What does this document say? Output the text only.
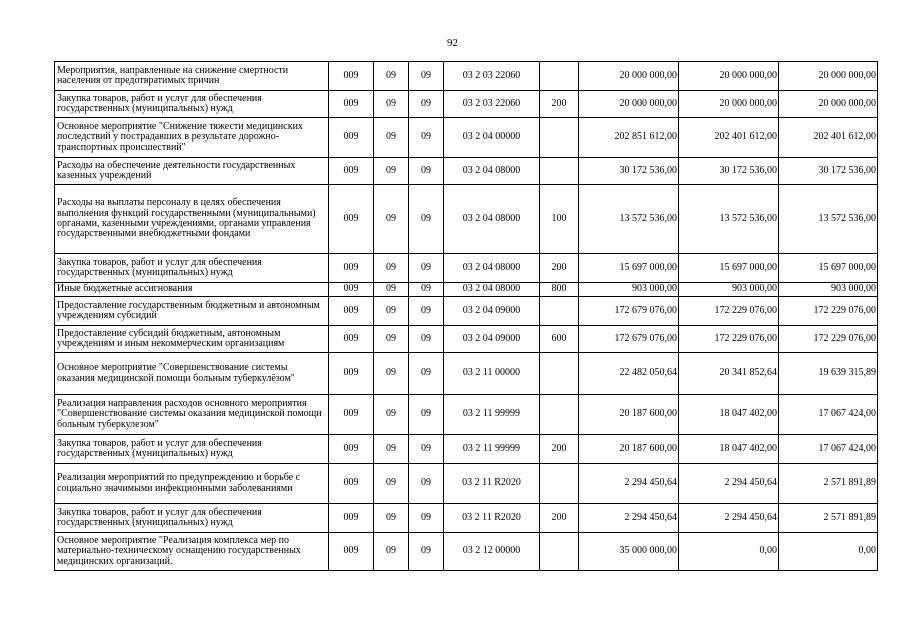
92
Мероприятия, направленные на снижение смертности населения от предотвратимых причин	009	09	09	03 2 03 22060		20 000 000,00	20 000 000,00	20 000 000,00
Закупка товаров, работ и услуг для обеспечения государственных (муниципальных) нужд	009	09	09	03 2 03 22060	200	20 000 000,00	20 000 000,00	20 000 000,00
Основное мероприятие "Снижение тяжести медицинских последствий у пострадавших в результате дорожно-транспортных происшествий"	009	09	09	03 2 04 00000		202 851 612,00	202 401 612,00	202 401 612,00
Расходы на обеспечение деятельности государственных казенных учреждений	009	09	09	03 2 04 08000		30 172 536,00	30 172 536,00	30 172 536,00
Расходы на выплаты персоналу в целях обеспечения выполнения функций государственными (муниципальными) органами, казенными учреждениями, органами управления государственными внебюджетными фондами	009	09	09	03 2 04 08000	100	13 572 536,00	13 572 536,00	13 572 536,00
Закупка товаров, работ и услуг для обеспечения государственных (муниципальных) нужд	009	09	09	03 2 04 08000	200	15 697 000,00	15 697 000,00	15 697 000,00
Иные бюджетные ассигнования	009	09	09	03 2 04 08000	800	903 000,00	903 000,00	903 000,00
Предоставление государственным бюджетным и автономным учреждениям субсидий	009	09	09	03 2 04 09000		172 679 076,00	172 229 076,00	172 229 076,00
Предоставление субсидий бюджетным, автономным учреждениям и иным некоммерческим организациям	009	09	09	03 2 04 09000	600	172 679 076,00	172 229 076,00	172 229 076,00
Основное мероприятие "Совершенствование системы оказания медицинской помощи больным туберкулёзом"	009	09	09	03 2 11 00000		22 482 050,64	20 341 852,64	19 639 315,89
Реализация направления расходов основного мероприятия "Совершенствование системы оказания медицинской помощи больным туберкулезом"	009	09	09	03 2 11 99999		20 187 600,00	18 047 402,00	17 067 424,00
Закупка товаров, работ и услуг для обеспечения государственных (муниципальных) нужд	009	09	09	03 2 11 99999	200	20 187 600,00	18 047 402,00	17 067 424,00
Реализация мероприятий по предупреждению и борьбе с социально значимыми инфекционными заболеваниями	009	09	09	03 2 11 R2020		2 294 450,64	2 294 450,64	2 571 891,89
Закупка товаров, работ и услуг для обеспечения государственных (муниципальных) нужд	009	09	09	03 2 11 R2020	200	2 294 450,64	2 294 450,64	2 571 891,89
Основное мероприятие "Реализация комплекса мер по материально-техническому оснащению государственных медицинских организаций.	009	09	09	03 2 12 00000		35 000 000,00	0,00	0,00
